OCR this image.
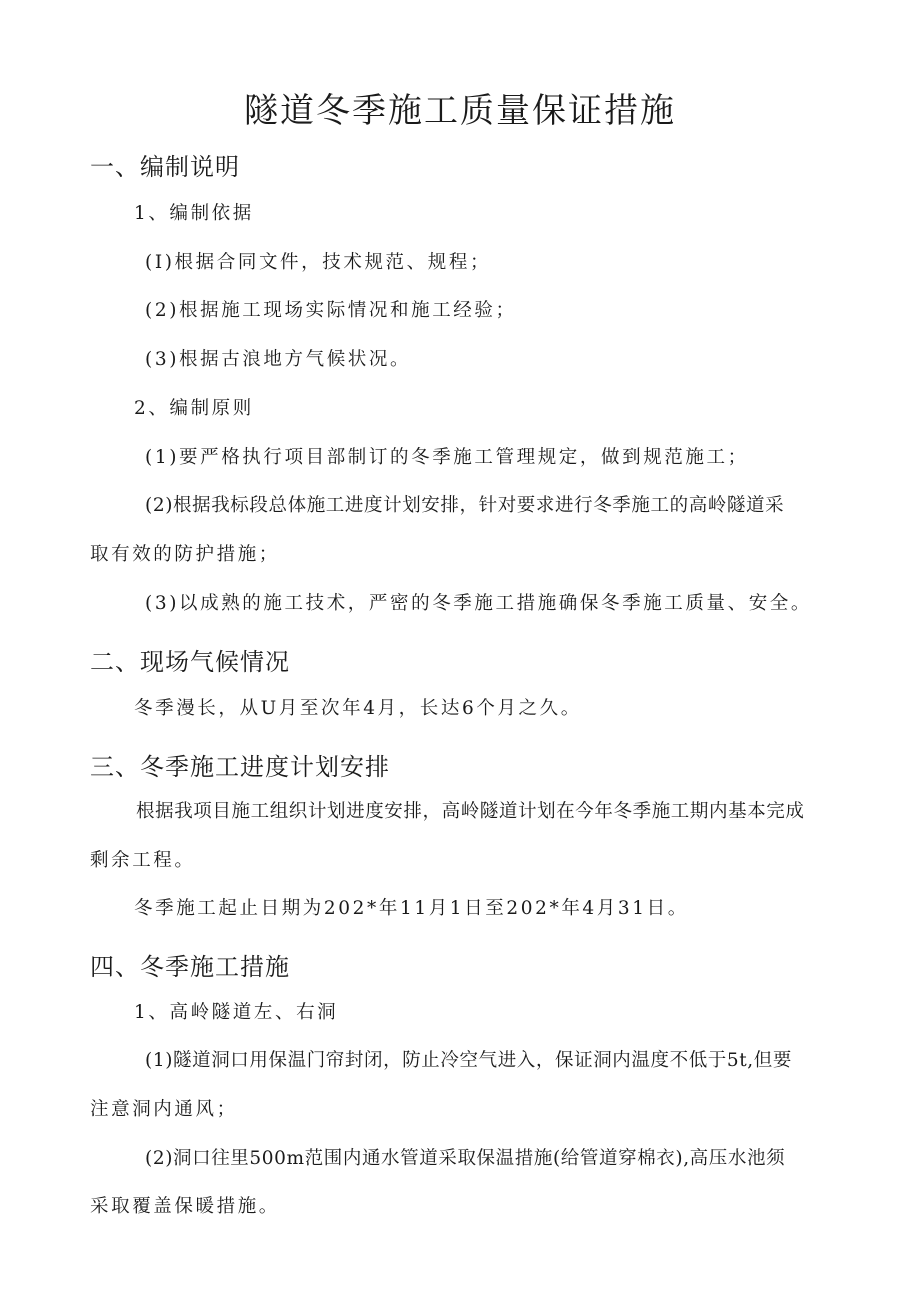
隧道冬季施工质量保证措施
一、编制说明
1、编制依据
(I)根据合同文件，技术规范、规程；
(2)根据施工现场实际情况和施工经验；
(3)根据古浪地方气候状况。
2、编制原则
(1)要严格执行项目部制订的冬季施工管理规定，做到规范施工；
(2)根据我标段总体施工进度计划安排，针对要求进行冬季施工的高岭隧道采
取有效的防护措施；
(3)以成熟的施工技术，严密的冬季施工措施确保冬季施工质量、安全。
二、现场气候情况
冬季漫长，从U月至次年4月，长达6个月之久。
三、冬季施工进度计划安排
根据我项目施工组织计划进度安排，高岭隧道计划在今年冬季施工期内基本完成
剩余工程。
冬季施工起止日期为202*年11月1日至202*年4月31日。
四、冬季施工措施
1、高岭隧道左、右洞
(1)隧道洞口用保温门帘封闭，防止冷空气进入，保证洞内温度不低于5t,但要
注意洞内通风；
(2)洞口往里500m范围内通水管道采取保温措施(给管道穿棉衣),高压水池须
采取覆盖保暖措施。
